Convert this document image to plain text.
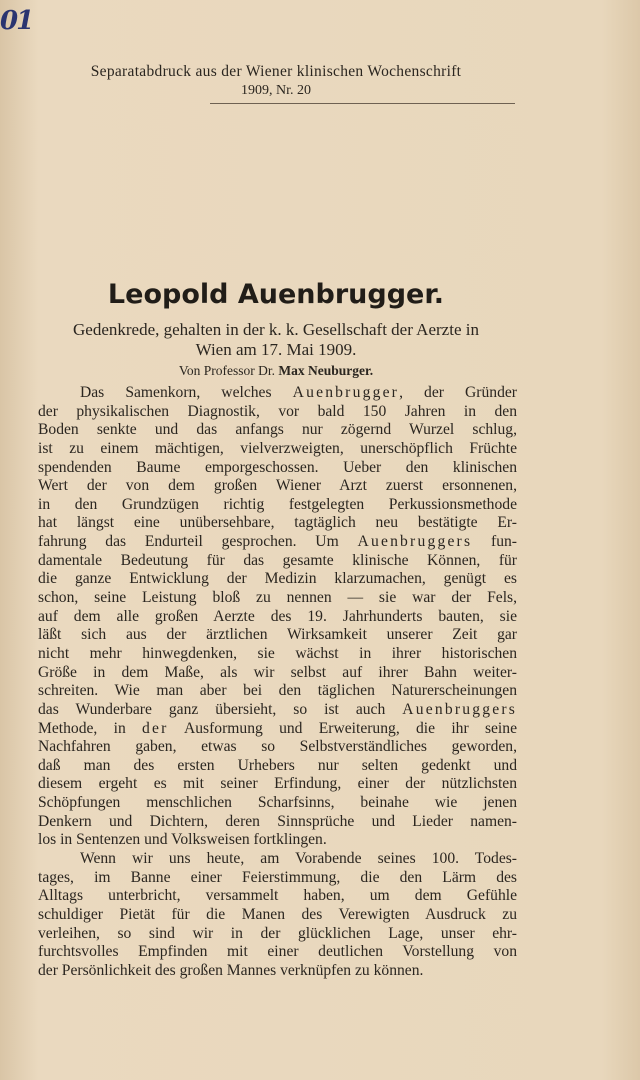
01
Separatabdruck aus der Wiener klinischen Wochenschrift
1909, Nr. 20
Leopold Auenbrugger.
Gedenkrede, gehalten in der k. k. Gesellschaft der Aerzte in
Wien am 17. Mai 1909.
Von Professor Dr. Max Neuburger.
Das Samenkorn, welches Auenbrugger, der Gründer
der physikalischen Diagnostik, vor bald 150 Jahren in den
Boden senkte und das anfangs nur zögernd Wurzel schlug,
ist zu einem mächtigen, vielverzweigten, unerschöpflich Früchte
spendenden Baume emporgeschossen. Ueber den klinischen
Wert der von dem großen Wiener Arzt zuerst ersonnenen,
in den Grundzügen richtig festgelegten Perkussionsmethode
hat längst eine unübersehbare, tagtäglich neu bestätigte Er-
fahrung das Endurteil gesprochen. Um Auenbruggers fun-
damentale Bedeutung für das gesamte klinische Können, für
die ganze Entwicklung der Medizin klarzumachen, genügt es
schon, seine Leistung bloß zu nennen — sie war der Fels,
auf dem alle großen Aerzte des 19. Jahrhunderts bauten, sie
läßt sich aus der ärztlichen Wirksamkeit unserer Zeit gar
nicht mehr hinwegdenken, sie wächst in ihrer historischen
Größe in dem Maße, als wir selbst auf ihrer Bahn weiter-
schreiten. Wie man aber bei den täglichen Naturerscheinungen
das Wunderbare ganz übersieht, so ist auch Auenbruggers
Methode, in der Ausformung und Erweiterung, die ihr seine
Nachfahren gaben, etwas so Selbstverständliches geworden,
daß man des ersten Urhebers nur selten gedenkt und
diesem ergeht es mit seiner Erfindung, einer der nützlichsten
Schöpfungen menschlichen Scharfsinns, beinahe wie jenen
Denkern und Dichtern, deren Sinnsprüche und Lieder namen-
los in Sentenzen und Volksweisen fortklingen.
Wenn wir uns heute, am Vorabende seines 100. Todes-
tages, im Banne einer Feierstimmung, die den Lärm des
Alltags unterbricht, versammelt haben, um dem Gefühle
schuldiger Pietät für die Manen des Verewigten Ausdruck zu
verleihen, so sind wir in der glücklichen Lage, unser ehr-
furchtsvolles Empfinden mit einer deutlichen Vorstellung von
der Persönlichkeit des großen Mannes verknüpfen zu können.
